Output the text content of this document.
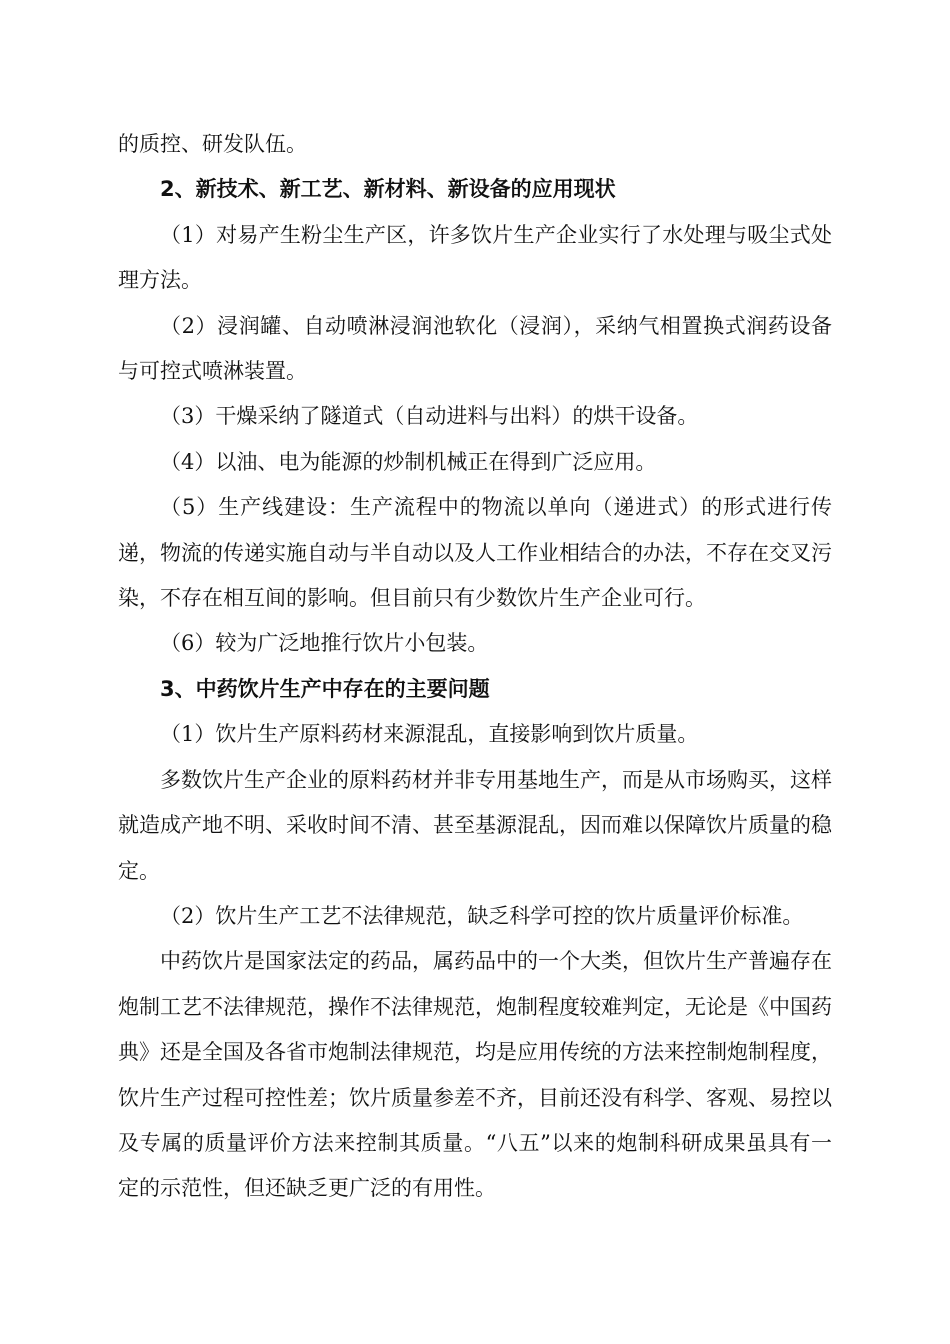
的质控、研发队伍。

2、新技术、新工艺、新材料、新设备的应用现状

（1）对易产生粉尘生产区，许多饮片生产企业实行了水处理与吸尘式处理方法。

（2）浸润罐、自动喷淋浸润池软化（浸润），采纳气相置换式润药设备与可控式喷淋装置。

（3）干燥采纳了隧道式（自动进料与出料）的烘干设备。

（4）以油、电为能源的炒制机械正在得到广泛应用。

（5）生产线建设：生产流程中的物流以单向（递进式）的形式进行传递，物流的传递实施自动与半自动以及人工作业相结合的办法，不存在交叉污染，不存在相互间的影响。但目前只有少数饮片生产企业可行。

（6）较为广泛地推行饮片小包装。

3、中药饮片生产中存在的主要问题

（1）饮片生产原料药材来源混乱，直接影响到饮片质量。

多数饮片生产企业的原料药材并非专用基地生产，而是从市场购买，这样就造成产地不明、采收时间不清、甚至基源混乱，因而难以保障饮片质量的稳定。

（2）饮片生产工艺不法律规范，缺乏科学可控的饮片质量评价标准。

中药饮片是国家法定的药品，属药品中的一个大类，但饮片生产普遍存在炮制工艺不法律规范，操作不法律规范，炮制程度较难判定，无论是《中国药典》还是全国及各省市炮制法律规范，均是应用传统的方法来控制炮制程度，饮片生产过程可控性差；饮片质量参差不齐，目前还没有科学、客观、易控以及专属的质量评价方法来控制其质量。“八五”以来的炮制科研成果虽具有一定的示范性，但还缺乏更广泛的有用性。
